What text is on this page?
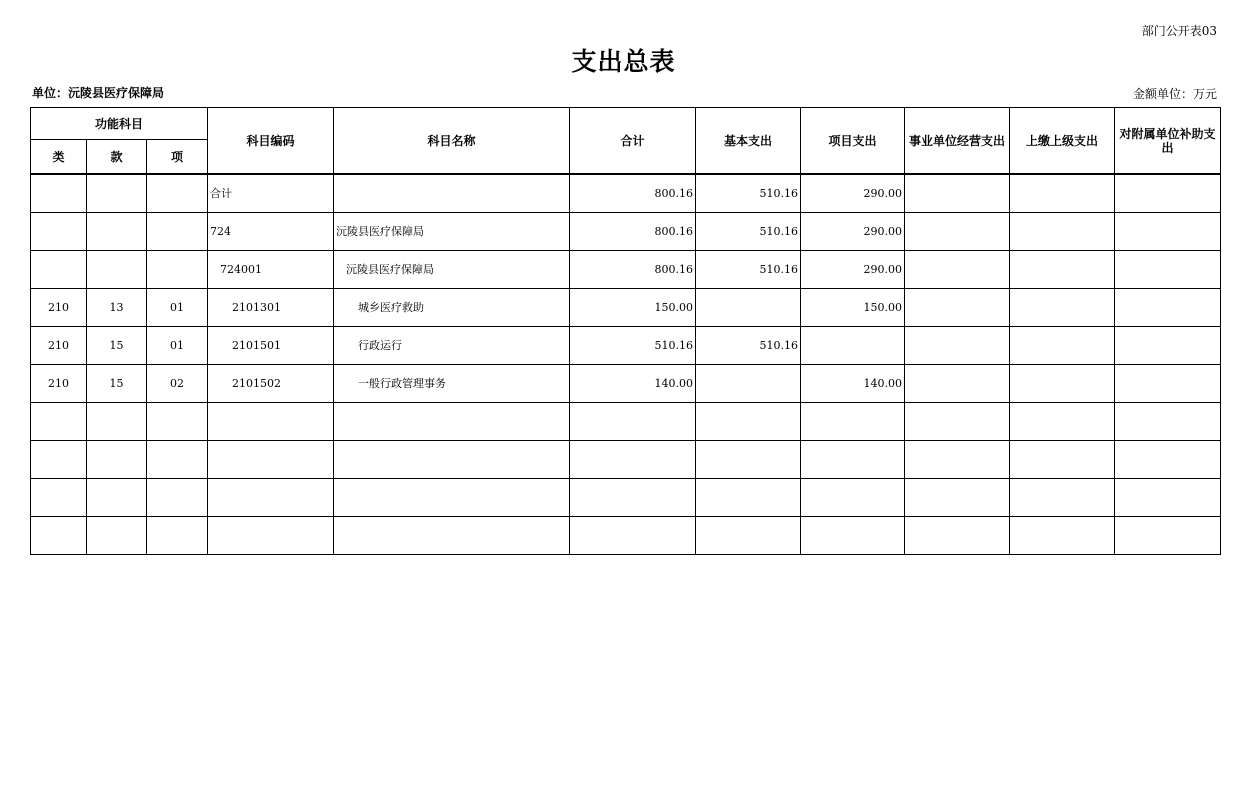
部门公开表03
支出总表
单位：沅陵县医疗保障局	金额单位：万元
功能科目			科目编码	科目名称	合计	基本支出	项目支出	事业单位经营支出	上缴上级支出	对附属单位补助支出
类	款	项								
			合计		800.16	510.16	290.00			
			724	沅陵县医疗保障局	800.16	510.16	290.00			
			724001	沅陵县医疗保障局	800.16	510.16	290.00			
210	13	01	2101301	城乡医疗救助	150.00		150.00			
210	15	01	2101501	行政运行	510.16	510.16				
210	15	02	2101502	一般行政管理事务	140.00		140.00			
